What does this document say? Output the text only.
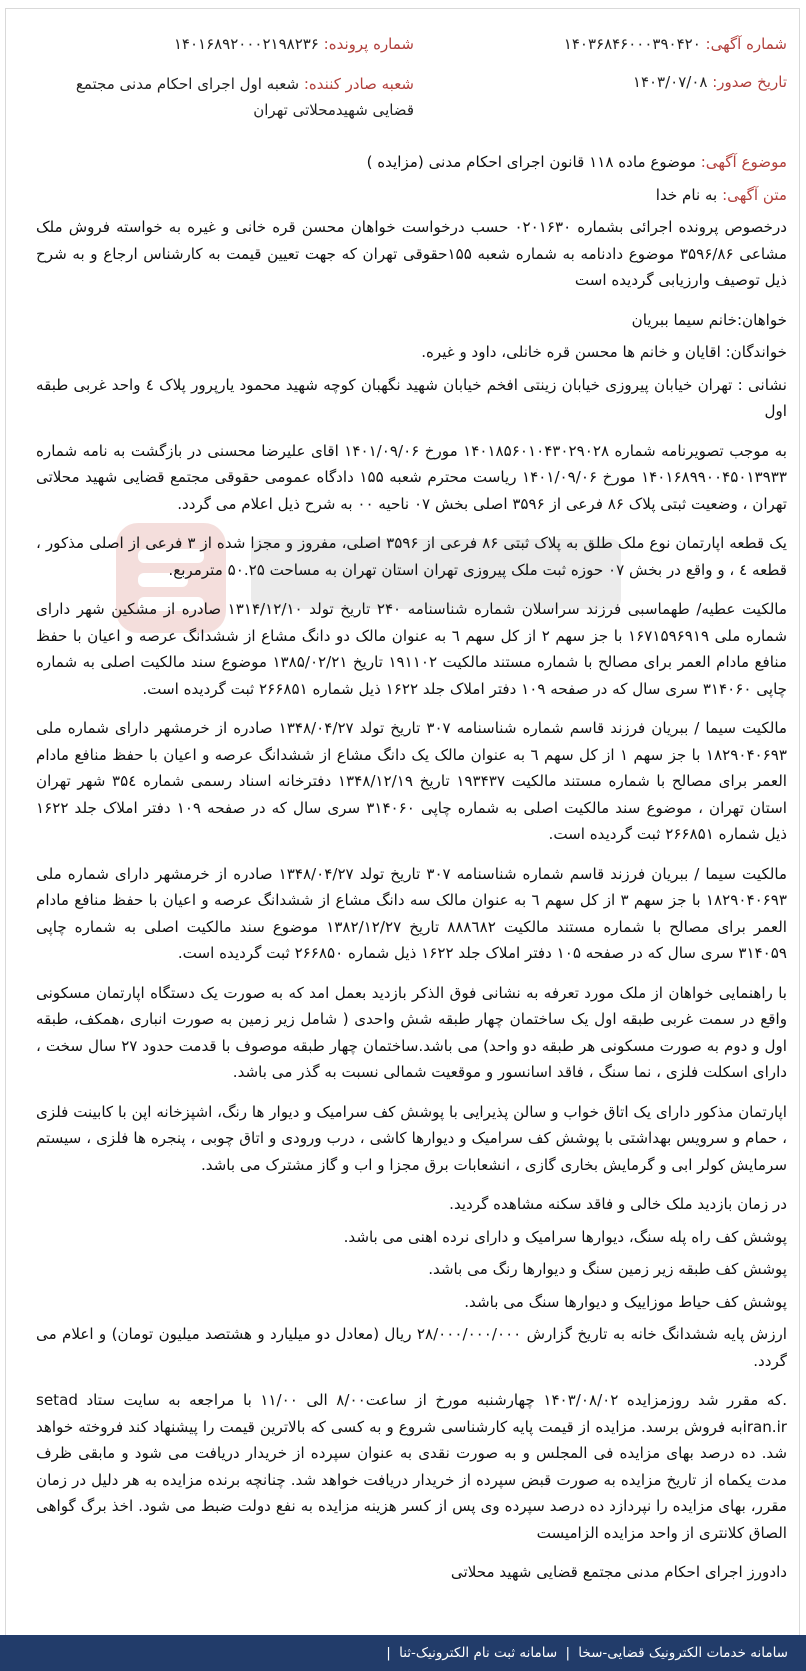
شماره آگهی: ۱۴۰۳۶۸۴۶۰۰۰۳۹۰۴۲۰
شماره پرونده: ۱۴۰۱۶۸۹۲۰۰۰۲۱۹۸۲۳۶
تاریخ صدور: ۱۴۰۳/۰۷/۰۸
شعبه صادر کننده: شعبه اول اجرای احکام مدنی مجتمع قضایی شهیدمحلاتی تهران

موضوع آگهی: موضوع ماده ۱۱۸ قانون اجرای احکام مدنی (مزایده )

متن آگهی: به نام خدا

درخصوص پرونده اجرائی بشماره ۰۲۰۱۶۳۰ حسب درخواست خواهان محسن قره خانی و غیره به خواسته فروش ملک مشاعی ۳۵۹۶/۸۶ موضوع دادنامه به شماره شعبه ۱۵۵حقوقی تهران که جهت تعیین قیمت به کارشناس ارجاع و به شرح ذیل توصیف وارزیابی گردیده است

خواهان:خانم سیما ببریان

خواندگان: اقایان و خانم ها محسن قره خانلی، داود و غیره.

نشانی : تهران خیابان پیروزی خیابان زینتی افخم خیابان شهید نگهبان کوچه شهید محمود یارپرور پلاک ٤ واحد غربی طبقه اول

به موجب تصویرنامه شماره ۱۴۰۱۸۵۶۰۱۰۴۳۰۲۹۰۲۸ مورخ ۱۴۰۱/۰۹/۰۶ اقای علیرضا محسنی در بازگشت به نامه شماره ۱۴۰۱۶۸۹۹۰۰۴۵۰۱۳۹۳۳ مورخ ۱۴۰۱/۰۹/۰۶ ریاست محترم شعبه ۱۵۵ دادگاه عمومی حقوقی مجتمع قضایی شهید محلاتی تهران ، وضعیت ثبتی پلاک ۸۶ فرعی از ۳۵۹۶ اصلی بخش ۰۷ ناحیه ۰۰ به شرح ذیل اعلام می گردد.

یک قطعه اپارتمان نوع ملک طلق به پلاک ثبتی ۸۶ فرعی از ۳۵۹۶ اصلی، مفروز و مجزا شده از ۳ فرعی از اصلی مذکور ، قطعه ٤ ، و واقع در بخش ۰۷ حوزه ثبت ملک پیروزی تهران استان تهران به مساحت ۵۰.۲۵ مترمربع.

مالکیت عطیه/ طهماسبی فرزند سراسلان شماره شناسنامه ۲۴۰ تاریخ تولد ۱۳۱۴/۱۲/۱۰ صادره از مشکین شهر دارای شماره ملی ۱۶۷۱۵۹۶۹۱۹ با جز سهم ۲ از کل سهم ٦ به عنوان مالک دو دانگ مشاع از ششدانگ عرصه و اعیان با حفظ منافع مادام العمر برای مصالح با شماره مستند مالکیت ۱۹۱۱۰۲ تاریخ ۱۳۸۵/۰۲/۲۱ موضوع سند مالکیت اصلی به شماره چاپی ۳۱۴۰۶۰ سری سال که در صفحه ۱۰۹ دفتر املاک جلد ۱۶۲۲ ذیل شماره ۲۶۶۸۵۱ ثبت گردیده است.

مالکیت سیما / ببریان فرزند قاسم شماره شناسنامه ۳۰۷ تاریخ تولد ۱۳۴۸/۰۴/۲۷ صادره از خرمشهر دارای شماره ملی ۱۸۲۹۰۴۰۶۹۳ با جز سهم ۱ از کل سهم ٦ به عنوان مالک یک دانگ مشاع از ششدانگ عرصه و اعیان با حفظ منافع مادام العمر برای مصالح با شماره مستند مالکیت ۱۹۳۴۳۷ تاریخ ۱۳۴۸/۱۲/۱۹ دفترخانه اسناد رسمی شماره ۳۵٤ شهر تهران استان تهران ، موضوع سند مالکیت اصلی به شماره چاپی ۳۱۴۰۶۰ سری سال که در صفحه ۱۰۹ دفتر املاک جلد ۱۶۲۲ ذیل شماره ۲۶۶۸۵۱ ثبت گردیده است.

مالکیت سیما / ببریان فرزند قاسم شماره شناسنامه ۳۰۷ تاریخ تولد ۱۳۴۸/۰۴/۲۷ صادره از خرمشهر دارای شماره ملی ۱۸۲۹۰۴۰۶۹۳ با جز سهم ۳ از کل سهم ٦ به عنوان مالک سه دانگ مشاع از ششدانگ عرصه و اعیان با حفظ منافع مادام العمر برای مصالح با شماره مستند مالکیت ۸۸۸٦۸۲ تاریخ ۱۳۸۲/۱۲/۲۷ موضوع سند مالکیت اصلی به شماره چاپی ۳۱۴۰۵۹ سری سال که در صفحه ۱۰۵ دفتر املاک جلد ۱۶۲۲ ذیل شماره ۲۶۶۸۵۰ ثبت گردیده است.

با راهنمایی خواهان از ملک مورد تعرفه به نشانی فوق الذکر بازدید بعمل امد که به صورت یک دستگاه اپارتمان مسکونی واقع در سمت غربی طبقه اول یک ساختمان چهار طبقه شش واحدی ( شامل زیر زمین به صورت انباری ،همکف، طبقه اول و دوم به صورت مسکونی هر طبقه دو واحد) می باشد.ساختمان چهار طبقه موصوف با قدمت حدود ۲۷ سال سخت ، دارای اسکلت فلزی ، نما سنگ ، فاقد اسانسور و موقعیت شمالی نسبت به گذر می باشد.

اپارتمان مذکور دارای یک اتاق خواب و سالن پذیرایی با پوشش کف سرامیک و دیوار ها رنگ، اشپزخانه اپن با کابینت فلزی ، حمام و سرویس بهداشتی با پوشش کف سرامیک و دیوارها کاشی ، درب ورودی و اتاق چوبی ، پنجره ها فلزی ، سیستم سرمایش کولر ابی و گرمایش بخاری گازی ، انشعابات برق مجزا و اب و گاز مشترک می باشد.

در زمان بازدید ملک خالی و فاقد سکنه مشاهده گردید.

پوشش کف راه پله سنگ، دیوارها سرامیک و دارای نرده اهنی می باشد.

پوشش کف طبقه زیر زمین سنگ و دیوارها رنگ می باشد.

پوشش کف حیاط موزاییک و دیوارها سنگ می باشد.

ارزش پایه ششدانگ خانه به تاریخ گزارش ۲۸/۰۰۰/۰۰۰/۰۰۰ ریال (معادل دو میلیارد و هشتصد میلیون تومان) و اعلام می گردد.

.که مقرر شد روزمزایده ۱۴۰۳/۰۸/۰۲ چهارشنبه مورخ از ساعت۸/۰۰ الی ۱۱/۰۰ با مراجعه به سایت ستاد setad iran.irبه فروش برسد. مزایده از قیمت پایه کارشناسی شروع و به کسی که بالاترین قیمت را پیشنهاد کند فروخته خواهد شد. ده درصد بهای مزایده فی المجلس و به صورت نقدی به عنوان سپرده از خریدار دریافت می شود و مابقی ظرف مدت یکماه از تاریخ مزایده به صورت قبض سپرده از خریدار دریافت خواهد شد. چنانچه برنده مزایده به هر دلیل در زمان مقرر، بهای مزایده را نپردازد ده درصد سپرده وی پس از کسر هزینه مزایده به نفع دولت ضبط می شود. اخذ برگ گواهی الصاق کلانتری از واحد مزایده الزامیست

دادورز اجرای احکام مدنی مجتمع قضایی شهید محلاتی

سامانه خدمات الکترونیک قضایی-سخا | سامانه ثبت نام الکترونیک-ثنا |
